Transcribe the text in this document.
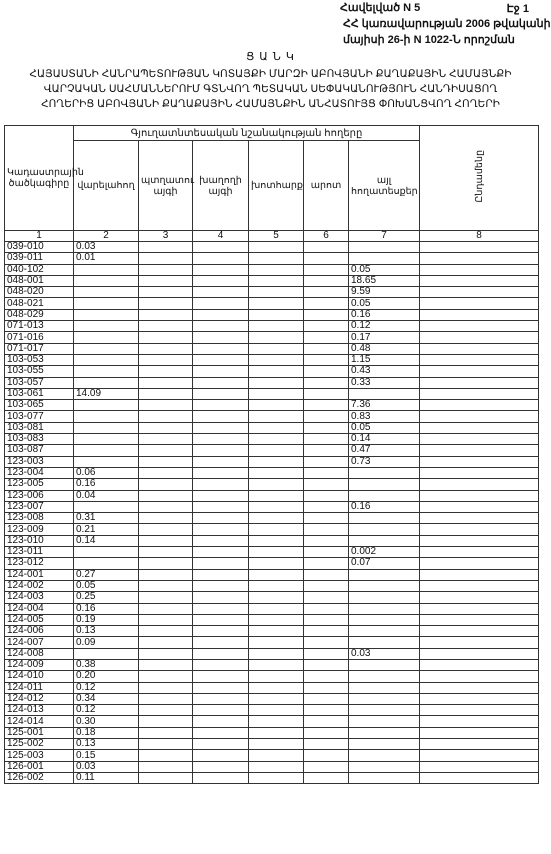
Էջ 1
Հավելված N 5
ՀՀ կառավարության 2006 թվականի
մայիսի 26-ի N 1022-Ն որոշման
Ց Ա Ն Կ
ՀԱՅԱՍՏԱՆԻ ՀԱՆՐԱՊԵՏՈՒԹՅԱՆ ԿՈՏԱՅՔԻ ՄԱՐԶԻ ԱԲՈՎՅԱՆԻ ՔԱՂԱՔԱՅԻՆ ՀԱՄԱՅՆՔԻ
ՎԱՐՉԱԿԱՆ ՍԱՀՄԱՆՆԵՐՈՒՄ ԳՏՆՎՈՂ ՊԵՏԱԿԱՆ ՍԵՓԱԿԱՆՈՒԹՅՈՒՆ ՀԱՆԴԻՍԱՑՈՂ
ՀՈՂԵՐԻՑ ԱԲՈՎՅԱՆԻ ՔԱՂԱՔԱՅԻՆ ՀԱՄԱՅՆՔԻՆ ԱՆՀԱՏՈՒՅՑ ՓՈԽԱՆՑՎՈՂ ՀՈՂԵՐԻ
Կադաստրային ծածկագիրը	Գյուղատնտեսական նշանակության հողերը						Ընդամենը
	վարելահող	պտղատու այգի	խաղողի այգի	խոտհարք	արոտ	այլ հողատեսքեր	
1	2	3	4	5	6	7	8
039-010	0.03						
039-011	0.01						
040-102						0.05	
048-001						18.65	
048-020						9.59	
048-021						0.05	
048-029						0.16	
071-013						0.12	
071-016						0.17	
071-017						0.48	
103-053						1.15	
103-055						0.43	
103-057						0.33	
103-061	14.09						
103-065						7.36	
103-077						0.83	
103-081						0.05	
103-083						0.14	
103-087						0.47	
123-003						0.73	
123-004	0.06						
123-005	0.16						
123-006	0.04						
123-007						0.16	
123-008	0.31						
123-009	0.21						
123-010	0.14						
123-011						0.002	
123-012						0.07	
124-001	0.27						
124-002	0.05						
124-003	0.25						
124-004	0.16						
124-005	0.19						
124-006	0.13						
124-007	0.09						
124-008						0.03	
124-009	0.38						
124-010	0.20						
124-011	0.12						
124-012	0.34						
124-013	0.12						
124-014	0.30						
125-001	0.18						
125-002	0.13						
125-003	0.15						
126-001	0.03						
126-002	0.11						
